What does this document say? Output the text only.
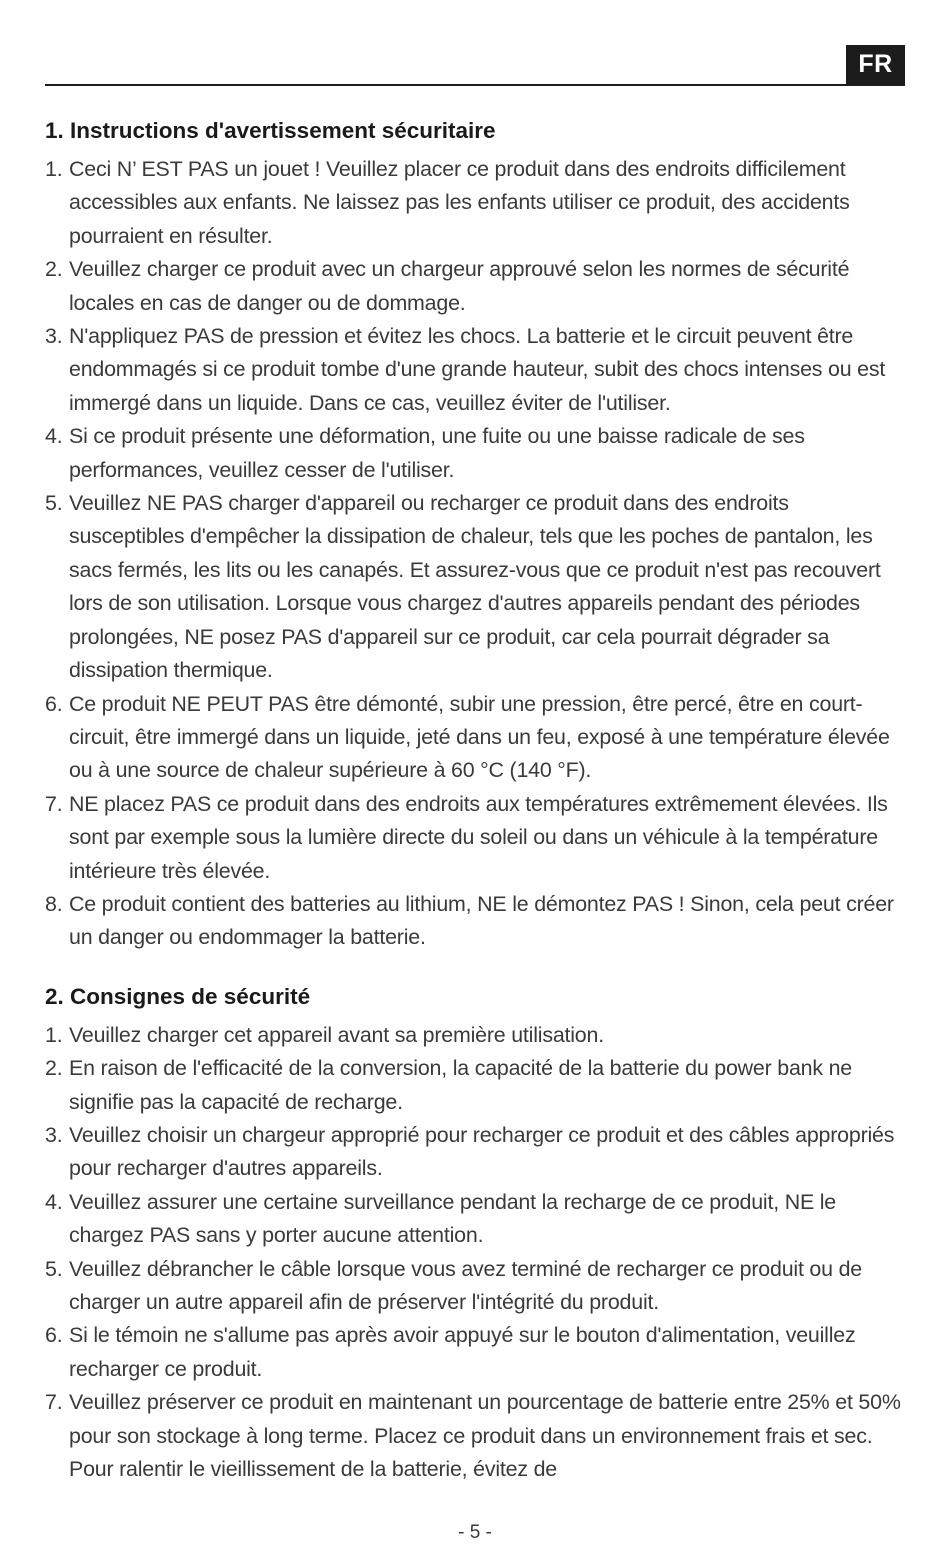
FR
1. Instructions d'avertissement sécuritaire
1. Ceci N’ EST PAS un jouet ! Veuillez placer ce produit dans des endroits difficilement accessibles aux enfants. Ne laissez pas les enfants utiliser ce produit, des accidents pourraient en résulter.
2. Veuillez charger ce produit avec un chargeur approuvé selon les normes de sécurité locales en cas de danger ou de dommage.
3. N'appliquez PAS de pression et évitez les chocs. La batterie et le circuit peuvent être endommagés si ce produit tombe d'une grande hauteur, subit des chocs intenses ou est immergé dans un liquide. Dans ce cas, veuillez éviter de l'utiliser.
4. Si ce produit présente une déformation, une fuite ou une baisse radicale de ses performances, veuillez cesser de l'utiliser.
5. Veuillez NE PAS charger d'appareil ou recharger ce produit dans des endroits susceptibles d'empêcher la dissipation de chaleur, tels que les poches de pantalon, les sacs fermés, les lits ou les canapés. Et assurez-vous que ce produit n'est pas recouvert lors de son utilisation. Lorsque vous chargez d'autres appareils pendant des périodes prolongées, NE posez PAS d'appareil sur ce produit, car cela pourrait dégrader sa dissipation thermique.
6. Ce produit NE PEUT PAS être démonté, subir une pression, être percé, être en court-circuit, être immergé dans un liquide, jeté dans un feu, exposé à une température élevée ou à une source de chaleur supérieure à 60 °C (140 °F).
7. NE placez PAS ce produit dans des endroits aux températures extrêmement élevées. Ils sont par exemple sous la lumière directe du soleil ou dans un véhicule à la température intérieure très élevée.
8. Ce produit contient des batteries au lithium, NE le démontez PAS ! Sinon, cela peut créer un danger ou endommager la batterie.
2. Consignes de sécurité
1. Veuillez charger cet appareil avant sa première utilisation.
2. En raison de l'efficacité de la conversion, la capacité de la batterie du power bank ne signifie pas la capacité de recharge.
3. Veuillez choisir un chargeur approprié pour recharger ce produit et des câbles appropriés pour recharger d'autres appareils.
4. Veuillez assurer une certaine surveillance pendant la recharge de ce produit, NE le chargez PAS sans y porter aucune attention.
5. Veuillez débrancher le câble lorsque vous avez terminé de recharger ce produit ou de charger un autre appareil afin de préserver l'intégrité du produit.
6. Si le témoin ne s'allume pas après avoir appuyé sur le bouton d'alimentation, veuillez recharger ce produit.
7. Veuillez préserver ce produit en maintenant un pourcentage de batterie entre 25% et 50% pour son stockage à long terme. Placez ce produit dans un environnement frais et sec. Pour ralentir le vieillissement de la batterie, évitez de
- 5 -
